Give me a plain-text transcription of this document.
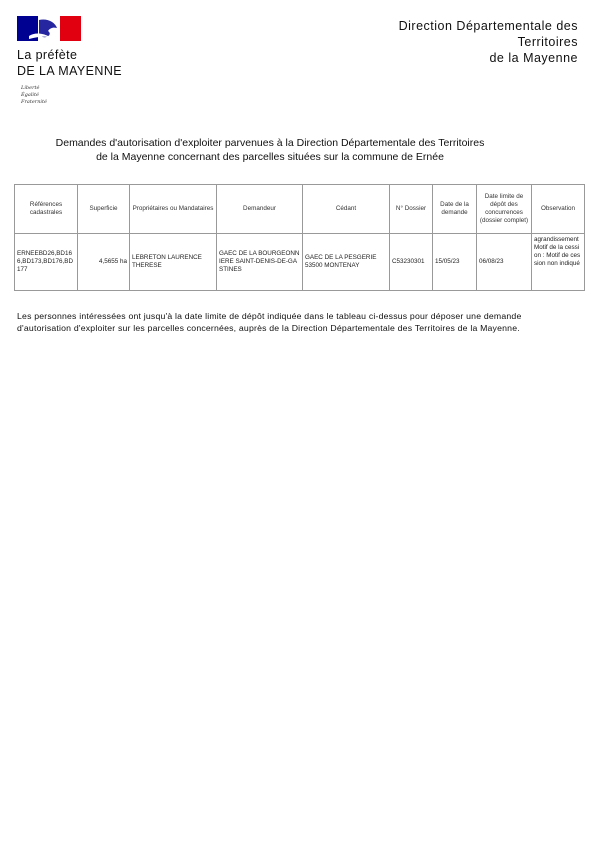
La préfète
DE LA MAYENNE
Liberté
Égalité
Fraternité
Direction Départementale des
Territoires
de la Mayenne
Demandes d'autorisation d'exploiter parvenues à la Direction Départementale des Territoires
de la Mayenne concernant des parcelles situées sur la commune de Ernée
Références cadastrales	Superficie	Propriétaires ou Mandataires	Demandeur	Cédant	N° Dossier	Date de la demande	Date limite de dépôt des concurrences (dossier complet)	Observation
ERNEEBD26,BD166,BD173,BD176,BD177	4,5655 ha	LEBRETON LAURENCE THERESE	GAEC DE LA BOURGEONNIERE SAINT-DENIS-DE-GASTINES	GAEC DE LA PESGERIE 53500 MONTENAY	C53230301	15/05/23	06/08/23	agrandissement Motif de la cession : Motif de cession non indiqué
Les personnes intéressées ont jusqu'à la date limite de dépôt indiquée dans le tableau ci-dessus pour déposer une demande d'autorisation d'exploiter sur les parcelles concernées, auprès de la Direction Départementale des Territoires de la Mayenne.
